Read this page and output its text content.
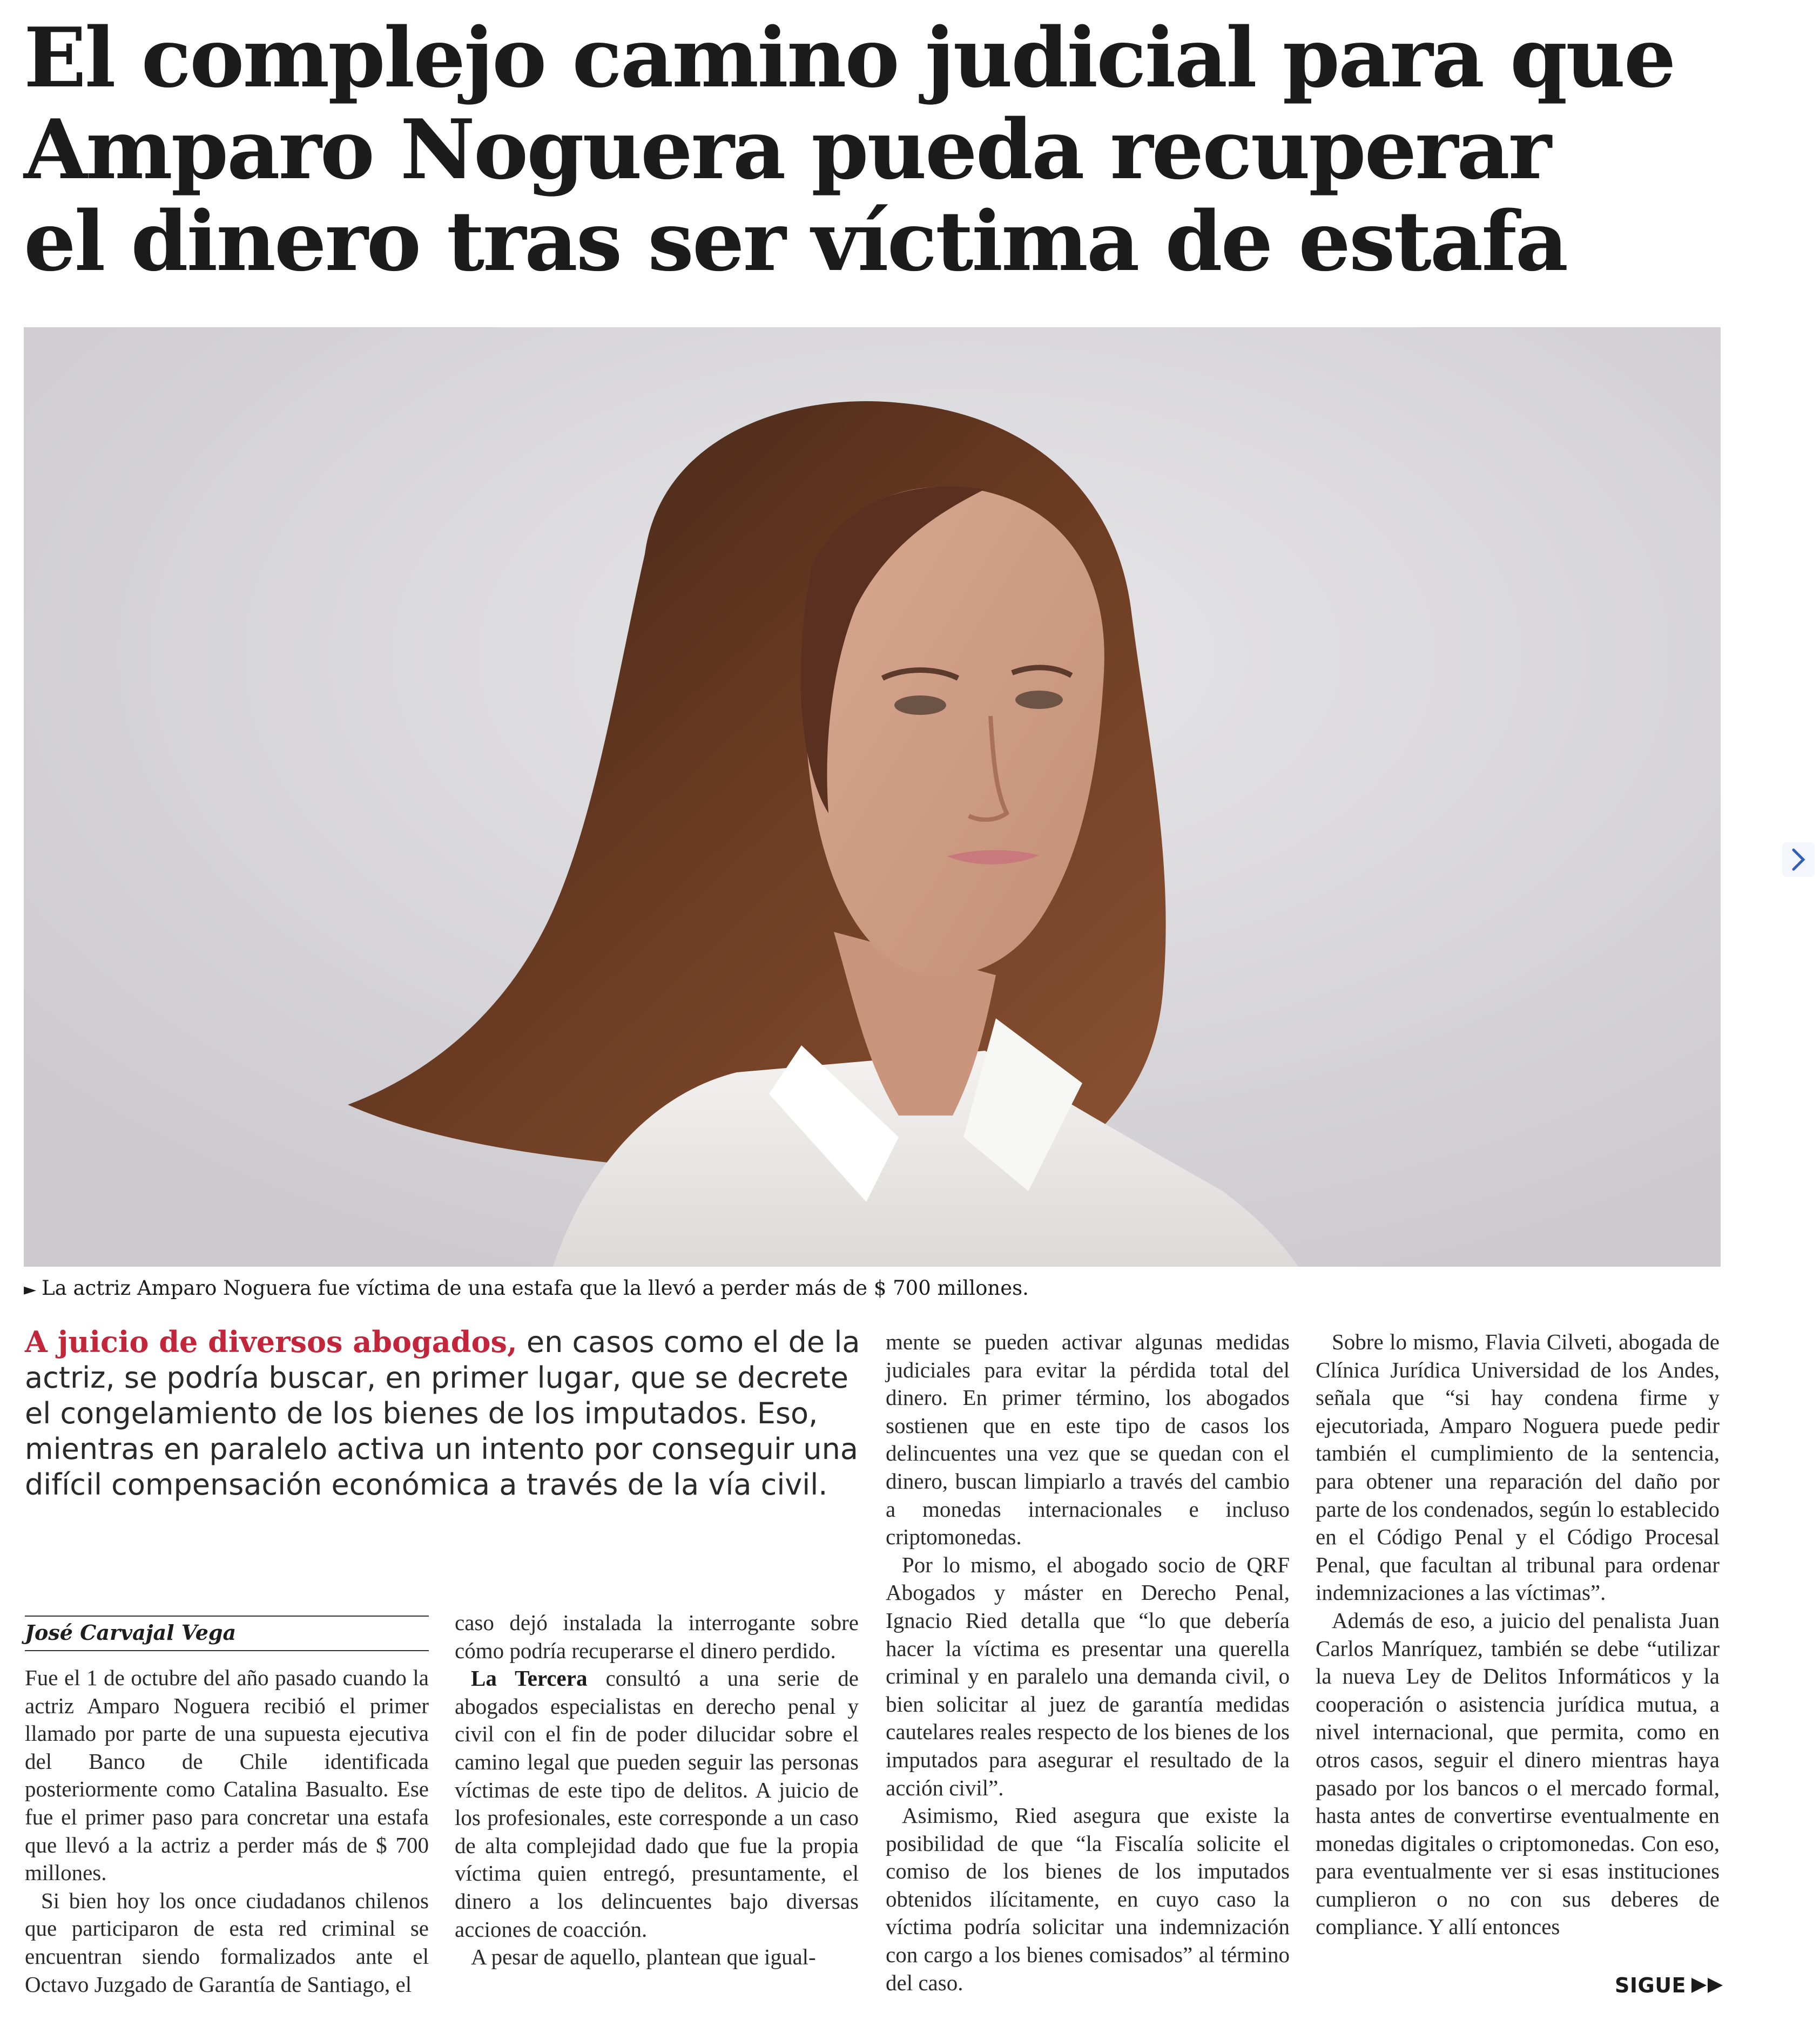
El complejo camino judicial para que
Amparo Noguera pueda recuperar
el dinero tras ser víctima de estafa
► La actriz Amparo Noguera fue víctima de una estafa que la llevó a perder más de $ 700 millones.
A juicio de diversos abogados, en casos como el de la actriz, se podría buscar, en primer lugar, que se decrete el congelamiento de los bienes de los imputados. Eso, mientras en paralelo activa un intento por conseguir una difícil compensación económica a través de la vía civil.
José Carvajal Vega

Fue el 1 de octubre del año pasado cuando la actriz Amparo Noguera recibió el primer llamado por parte de una supuesta ejecutiva del Banco de Chile identificada posteriormente como Catalina Basualto. Ese fue el primer paso para concretar una estafa que llevó a la actriz a perder más de $ 700 millones.

Si bien hoy los once ciudadanos chilenos que participaron de esta red criminal se encuentran siendo formalizados ante el Octavo Juzgado de Garantía de Santiago, el

caso dejó instalada la interrogante sobre cómo podría recuperarse el dinero perdido.

La Tercera consultó a una serie de abogados especialistas en derecho penal y civil con el fin de poder dilucidar sobre el camino legal que pueden seguir las personas víctimas de este tipo de delitos. A juicio de los profesionales, este corresponde a un caso de alta complejidad dado que fue la propia víctima quien entregó, presuntamente, el dinero a los delincuentes bajo diversas acciones de coacción.

A pesar de aquello, plantean que igual-

mente se pueden activar algunas medidas judiciales para evitar la pérdida total del dinero. En primer término, los abogados sostienen que en este tipo de casos los delincuentes una vez que se quedan con el dinero, buscan limpiarlo a través del cambio a monedas internacionales e incluso criptomonedas.

Por lo mismo, el abogado socio de QRF Abogados y máster en Derecho Penal, Ignacio Ried detalla que “lo que debería hacer la víctima es presentar una querella criminal y en paralelo una demanda civil, o bien solicitar al juez de garantía medidas cautelares reales respecto de los bienes de los imputados para asegurar el resultado de la acción civil”.

Asimismo, Ried asegura que existe la posibilidad de que “la Fiscalía solicite el comiso de los bienes de los imputados obtenidos ilícitamente, en cuyo caso la víctima podría solicitar una indemnización con cargo a los bienes comisados” al término del caso.

Sobre lo mismo, Flavia Cilveti, abogada de Clínica Jurídica Universidad de los Andes, señala que “si hay condena firme y ejecutoriada, Amparo Noguera puede pedir también el cumplimiento de la sentencia, para obtener una reparación del daño por parte de los condenados, según lo establecido en el Código Penal y el Código Procesal Penal, que facultan al tribunal para ordenar indemnizaciones a las víctimas”.

Además de eso, a juicio del penalista Juan Carlos Manríquez, también se debe “utilizar la nueva Ley de Delitos Informáticos y la cooperación o asistencia jurídica mutua, a nivel internacional, que permita, como en otros casos, seguir el dinero mientras haya pasado por los bancos o el mercado formal, hasta antes de convertirse eventualmente en monedas digitales o criptomonedas. Con eso, para eventualmente ver si esas instituciones cumplieron o no con sus deberes de compliance. Y allí entonces

SIGUE
